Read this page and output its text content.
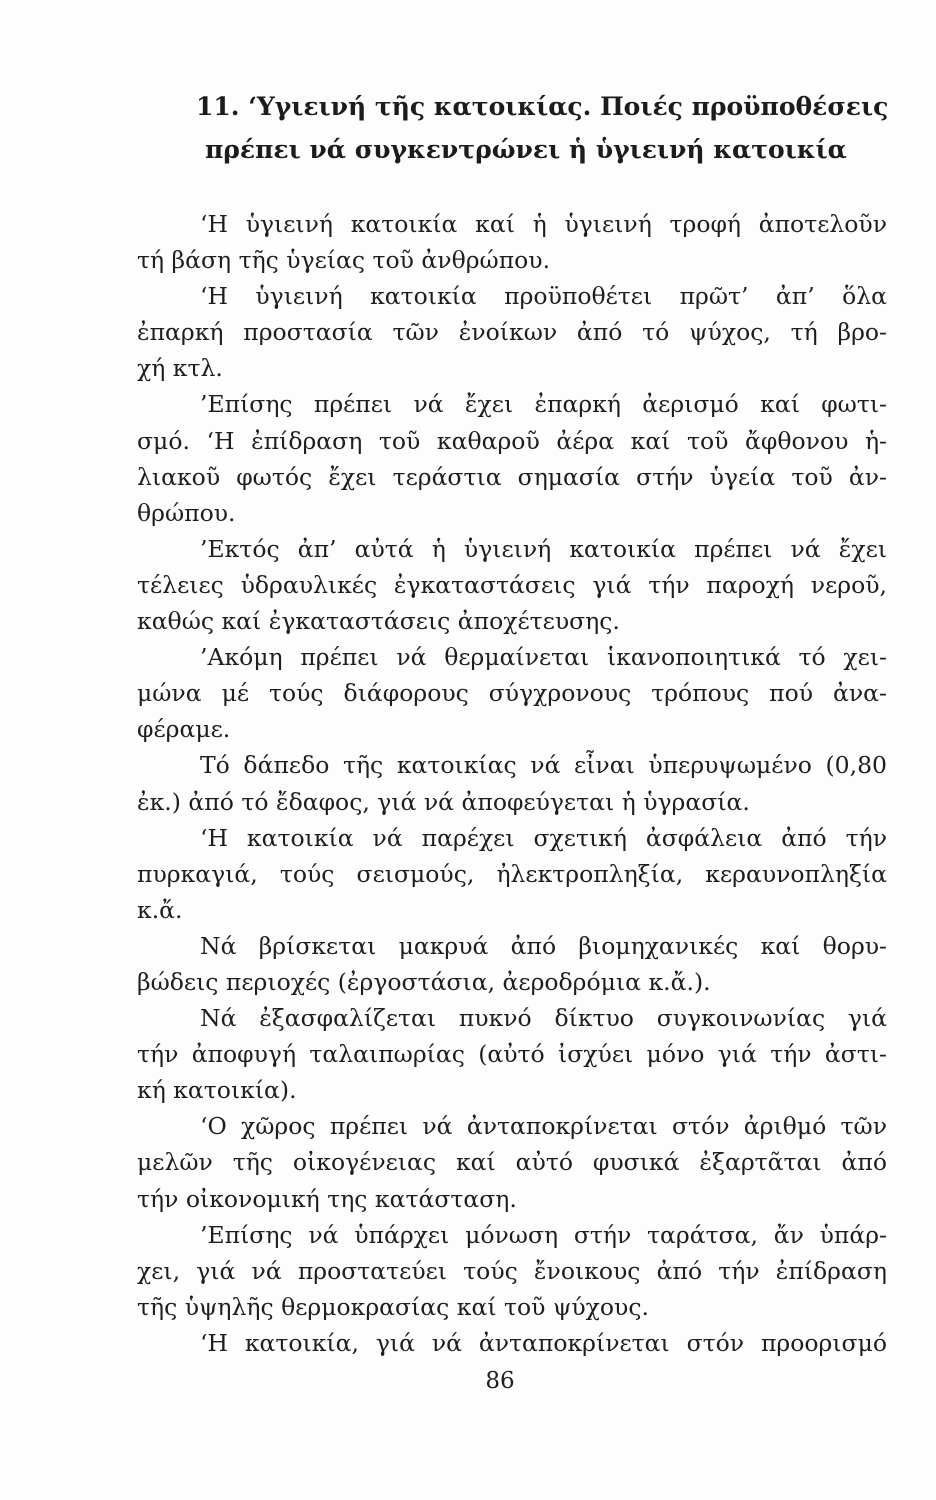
11. ‘Υγιεινή τῆς κατοικίας. Ποιές προϋποθέσεις
πρέπει νά συγκεντρώνει ἡ ὑγιεινή κατοικία
‘Η ὑγιεινή κατοικία καί ἡ ὑγιεινή τροφή ἀποτελοῦν
τή βάση τῆς ὑγείας τοῦ ἀνθρώπου.
‘Η ὑγιεινή κατοικία προϋποθέτει πρῶτ’ ἀπ’ ὅλα
ἐπαρκή προστασία τῶν ἐνοίκων ἀπό τό ψύχος, τή βρο-
χή κτλ.
’Επίσης πρέπει νά ἔχει ἐπαρκή ἀερισμό καί φωτι-
σμό. ‘Η ἐπίδραση τοῦ καθαροῦ ἀέρα καί τοῦ ἄφθονου ἡ-
λιακοῦ φωτός ἔχει τεράστια σημασία στήν ὑγεία τοῦ ἀν-
θρώπου.
’Εκτός ἀπ’ αὐτά ἡ ὑγιεινή κατοικία πρέπει νά ἔχει
τέλειες ὑδραυλικές ἐγκαταστάσεις γιά τήν παροχή νεροῦ,
καθώς καί ἐγκαταστάσεις ἀποχέτευσης.
’Ακόμη πρέπει νά θερμαίνεται ἱκανοποιητικά τό χει-
μώνα μέ τούς διάφορους σύγχρονους τρόπους πού ἀνα-
φέραμε.
Τό δάπεδο τῆς κατοικίας νά εἶναι ὑπερυψωμένο (0,80
ἐκ.) ἀπό τό ἔδαφος, γιά νά ἀποφεύγεται ἡ ὑγρασία.
‘Η κατοικία νά παρέχει σχετική ἀσφάλεια ἀπό τήν
πυρκαγιά, τούς σεισμούς, ἠλεκτροπληξία, κεραυνοπληξία
κ.ἄ.
Νά βρίσκεται μακρυά ἀπό βιομηχανικές καί θορυ-
βώδεις περιοχές (ἐργοστάσια, ἀεροδρόμια κ.ἄ.).
Νά ἐξασφαλίζεται πυκνό δίκτυο συγκοινωνίας γιά
τήν ἀποφυγή ταλαιπωρίας (αὐτό ἰσχύει μόνο γιά τήν ἀστι-
κή κατοικία).
‘Ο χῶρος πρέπει νά ἀνταποκρίνεται στόν ἀριθμό τῶν
μελῶν τῆς οἰκογένειας καί αὐτό φυσικά ἐξαρτᾶται ἀπό
τήν οἰκονομική της κατάσταση.
’Επίσης νά ὑπάρχει μόνωση στήν ταράτσα, ἄν ὑπάρ-
χει, γιά νά προστατεύει τούς ἔνοικους ἀπό τήν ἐπίδραση
τῆς ὑψηλῆς θερμοκρασίας καί τοῦ ψύχους.
‘Η κατοικία, γιά νά ἀνταποκρίνεται στόν προορισμό
86
